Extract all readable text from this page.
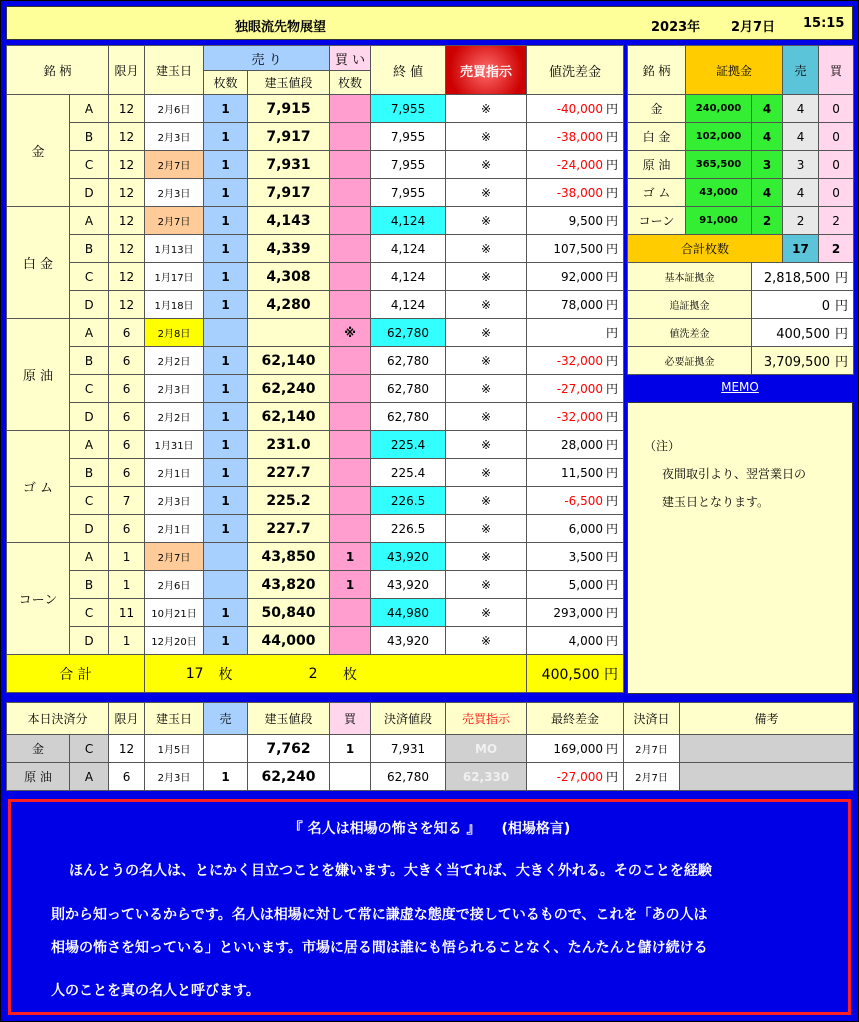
独眼流先物展望	2023年 2月7日 15:15
銘 柄		限月	建玉日	売 り		買 い	終 値	売買指示	値洗差金
				枚数	建玉値段	枚数			
金	A	12	2月6日	1	7,915		7,955	※	-40,000 円
	B	12	2月3日	1	7,917		7,955	※	-38,000 円
	C	12	2月7日	1	7,931		7,955	※	-24,000 円
	D	12	2月3日	1	7,917		7,955	※	-38,000 円
白 金	A	12	2月7日	1	4,143		4,124	※	9,500 円
	B	12	1月13日	1	4,339		4,124	※	107,500 円
	C	12	1月17日	1	4,308		4,124	※	92,000 円
	D	12	1月18日	1	4,280		4,124	※	78,000 円
原 油	A	6	2月8日			※	62,780	※	円
	B	6	2月2日	1	62,140		62,780	※	-32,000 円
	C	6	2月3日	1	62,240		62,780	※	-27,000 円
	D	6	2月2日	1	62,140		62,780	※	-32,000 円
ゴ ム	A	6	1月31日	1	231.0		225.4	※	28,000 円
	B	6	2月1日	1	227.7		225.4	※	11,500 円
	C	7	2月3日	1	225.2		226.5	※	-6,500 円
	D	6	2月1日	1	227.7		226.5	※	6,000 円
コーン	A	1	2月7日		43,850	1	43,920	※	3,500 円
	B	1	2月6日		43,820	1	43,920	※	5,000 円
	C	11	10月21日	1	50,840		44,980	※	293,000 円
	D	1	12月20日	1	44,000		43,920	※	4,000 円
合 計			17	枚	2	枚			400,500 円
銘 柄	証拠金		売	買
金	240,000	4	4	0
白 金	102,000	4	4	0
原 油	365,500	3	3	0
ゴ ム	43,000	4	4	0
コーン	91,000	2	2	2
合計枚数			17	2
基本証拠金		2,818,500 円		
追証拠金		0 円		
値洗差金		400,500 円		
必要証拠金		3,709,500 円		
MEMO
（注）
夜間取引より、翌営業日の
建玉日となります。
本日決済分		限月	建玉日	売	建玉値段	買	決済値段	売買指示	最終差金	決済日	備考
金	C	12	1月5日		7,762	1	7,931	MO	169,000 円	2月7日	
原 油	A	6	2月3日	1	62,240		62,780	62,330	-27,000 円	2月7日	
『 名人は相場の怖さを知る 』　　(相場格言)
ほんとうの名人は、とにかく目立つことを嫌います。大きく当てれば、大きく外れる。そのことを経験
則から知っているからです。名人は相場に対して常に謙虚な態度で接しているもので、これを「あの人は
相場の怖さを知っている」といいます。市場に居る間は誰にも悟られることなく、たんたんと儲け続ける
人のことを真の名人と呼びます。
